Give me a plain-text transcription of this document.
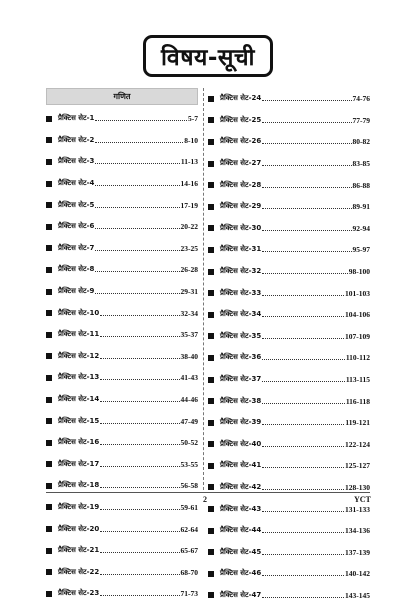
विषय-सूची
गणित
प्रैक्टिस सेट-1	5-7
प्रैक्टिस सेट-2	8-10
प्रैक्टिस सेट-3	11-13
प्रैक्टिस सेट-4	14-16
प्रैक्टिस सेट-5	17-19
प्रैक्टिस सेट-6	20-22
प्रैक्टिस सेट-7	23-25
प्रैक्टिस सेट-8	26-28
प्रैक्टिस सेट-9	29-31
प्रैक्टिस सेट-10	32-34
प्रैक्टिस सेट-11	35-37
प्रैक्टिस सेट-12	38-40
प्रैक्टिस सेट-13	41-43
प्रैक्टिस सेट-14	44-46
प्रैक्टिस सेट-15	47-49
प्रैक्टिस सेट-16	50-52
प्रैक्टिस सेट-17	53-55
प्रैक्टिस सेट-18	56-58
प्रैक्टिस सेट-19	59-61
प्रैक्टिस सेट-20	62-64
प्रैक्टिस सेट-21	65-67
प्रैक्टिस सेट-22	68-70
प्रैक्टिस सेट-23	71-73
प्रैक्टिस सेट-24	74-76
प्रैक्टिस सेट-25	77-79
प्रैक्टिस सेट-26	80-82
प्रैक्टिस सेट-27	83-85
प्रैक्टिस सेट-28	86-88
प्रैक्टिस सेट-29	89-91
प्रैक्टिस सेट-30	92-94
प्रैक्टिस सेट-31	95-97
प्रैक्टिस सेट-32	98-100
प्रैक्टिस सेट-33	101-103
प्रैक्टिस सेट-34	104-106
प्रैक्टिस सेट-35	107-109
प्रैक्टिस सेट-36	110-112
प्रैक्टिस सेट-37	113-115
प्रैक्टिस सेट-38	116-118
प्रैक्टिस सेट-39	119-121
प्रैक्टिस सेट-40	122-124
प्रैक्टिस सेट-41	125-127
प्रैक्टिस सेट-42	128-130
प्रैक्टिस सेट-43	131-133
प्रैक्टिस सेट-44	134-136
प्रैक्टिस सेट-45	137-139
प्रैक्टिस सेट-46	140-142
प्रैक्टिस सेट-47	143-145
2	YCT
